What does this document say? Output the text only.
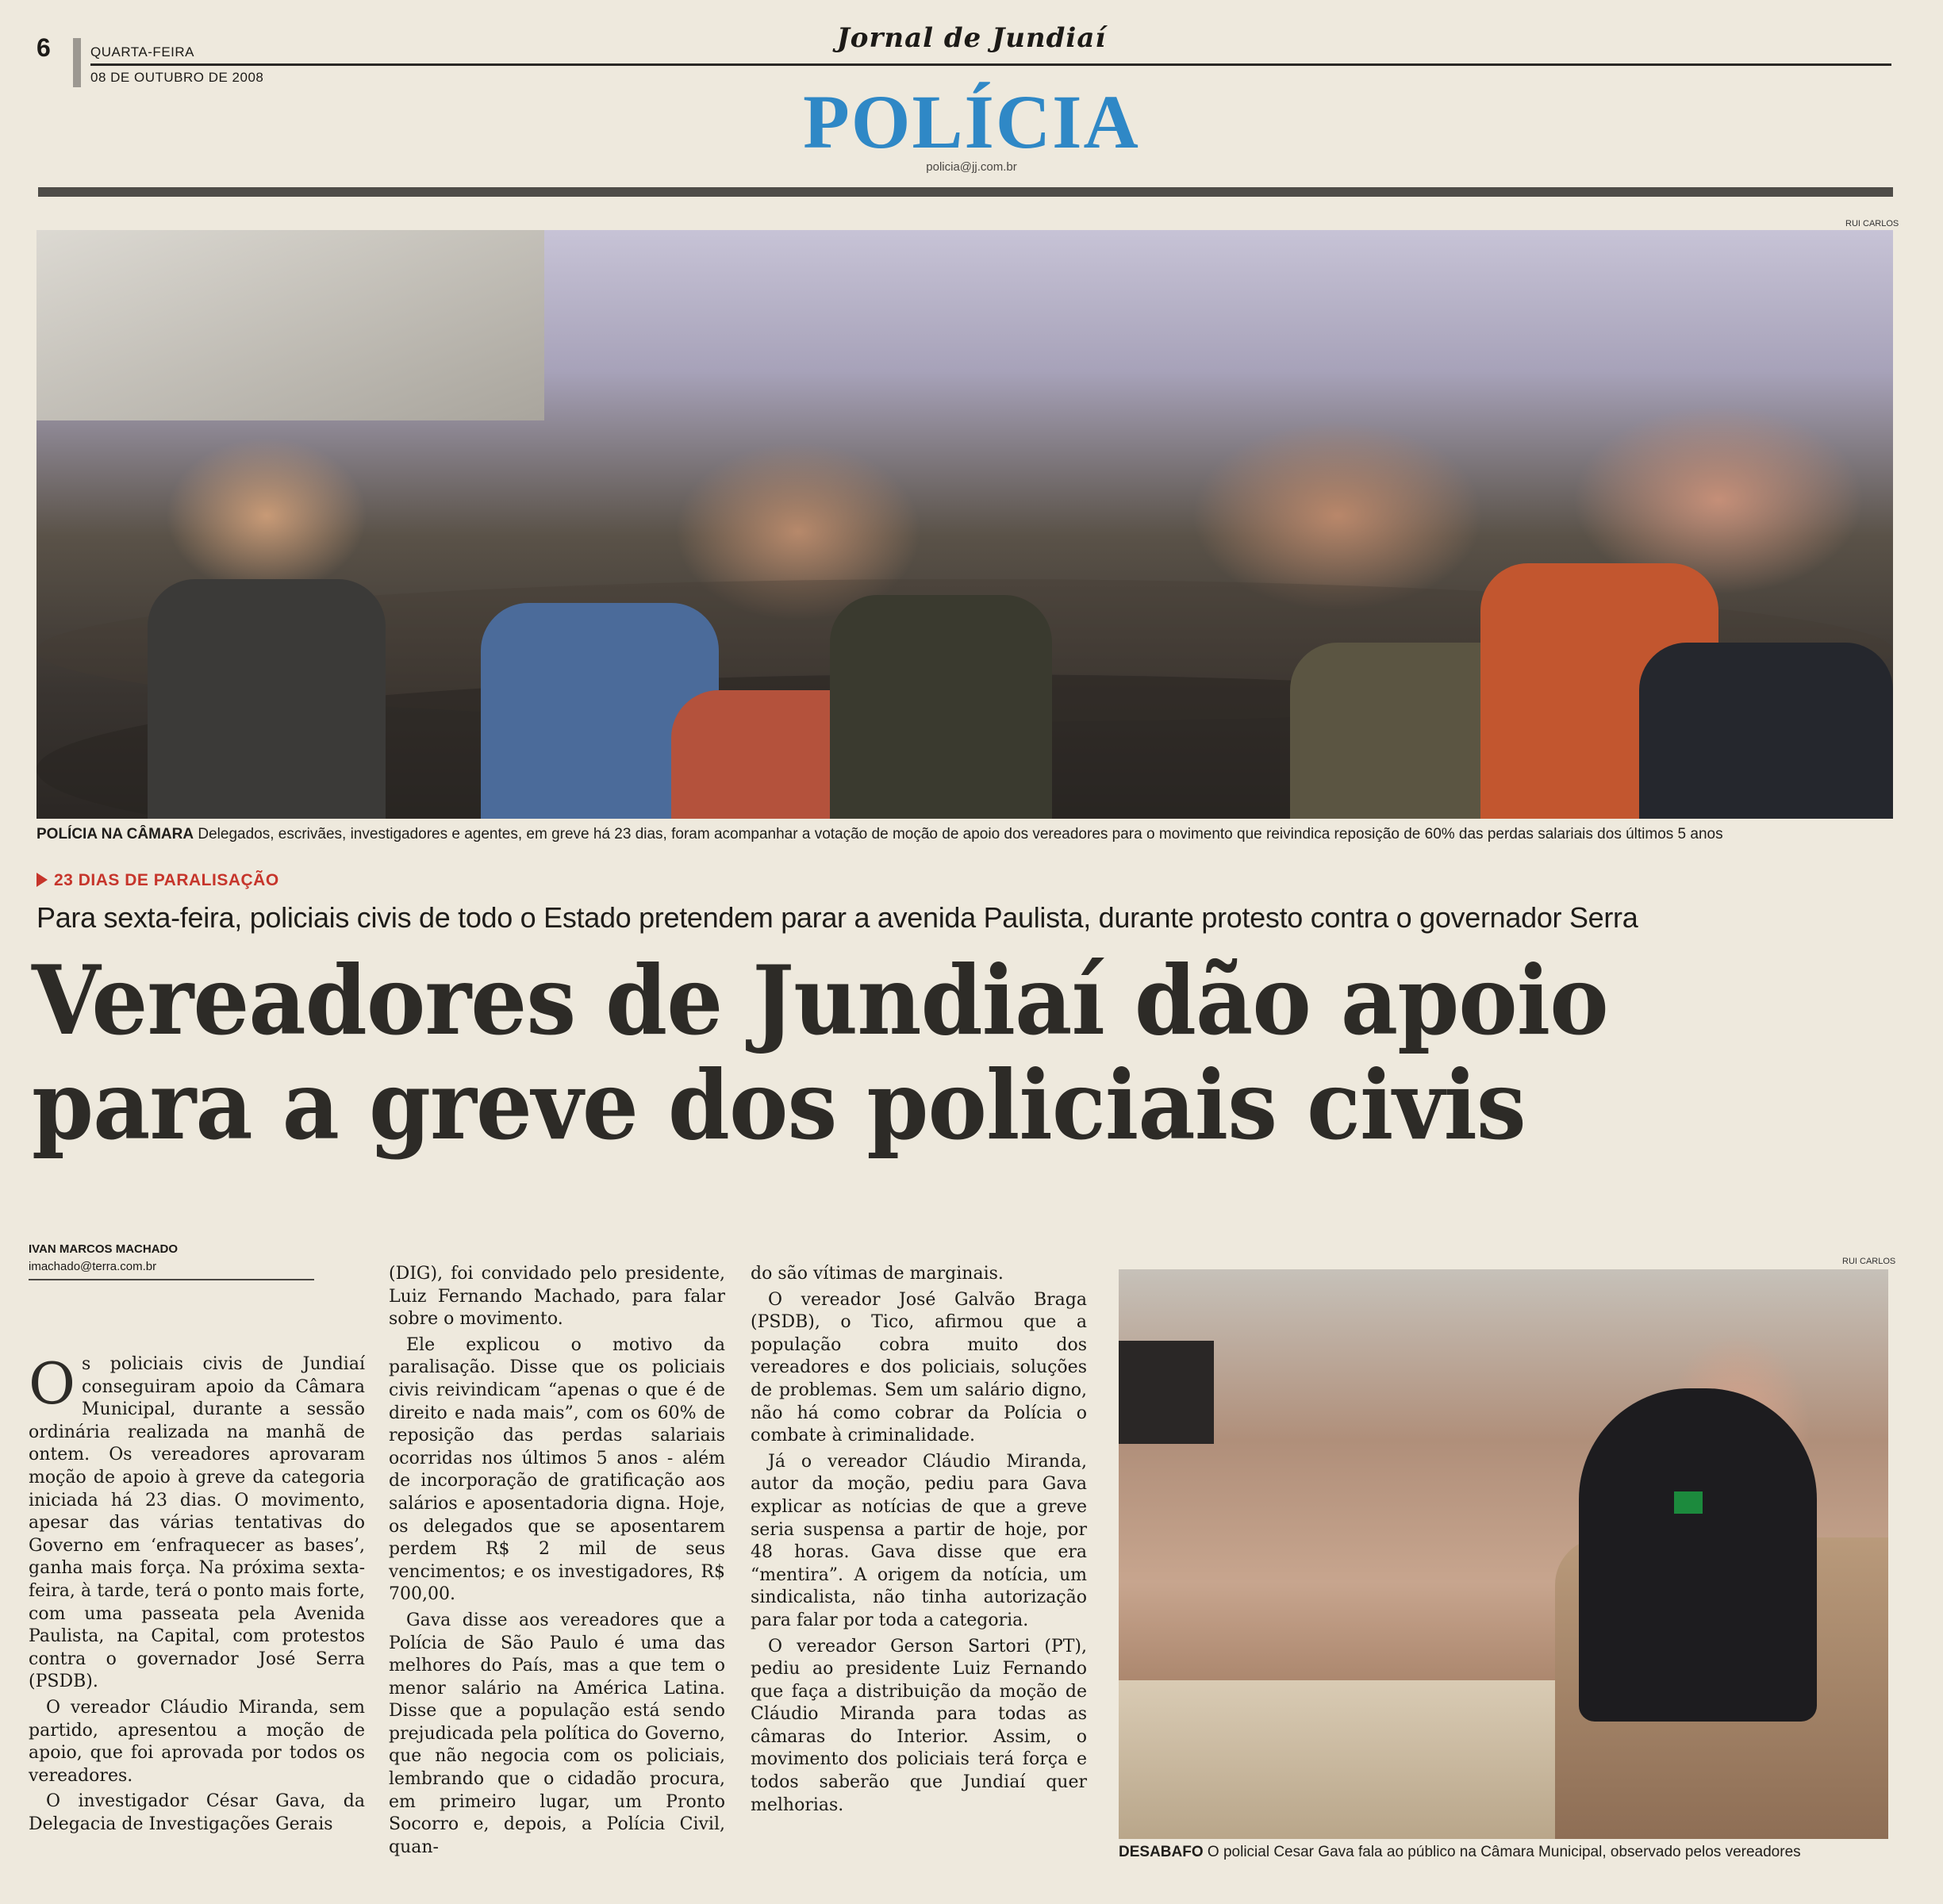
6	QUARTA-FEIRA
08 DE OUTUBRO DE 2008
Jornal de Jundiaí
POLÍCIA
policia@jj.com.br
RUI CARLOS
POLÍCIA NA CÂMARA Delegados, escrivães, investigadores e agentes, em greve há 23 dias, foram acompanhar a votação de moção de apoio dos vereadores para o movimento que reivindica reposição de 60% das perdas salariais dos últimos 5 anos
23 DIAS DE PARALISAÇÃO
Para sexta-feira, policiais civis de todo o Estado pretendem parar a avenida Paulista, durante protesto contra o governador Serra
Vereadores de Jundiaí dão apoio
para a greve dos policiais civis
IVAN MARCOS MACHADO
imachado@terra.com.br

Os policiais civis de Jundiaí conseguiram apoio da Câmara Municipal, durante a sessão ordinária realizada na manhã de ontem. Os vereadores aprovaram moção de apoio à greve da categoria iniciada há 23 dias. O movimento, apesar das várias tentativas do Governo em ‘enfraquecer as bases’, ganha mais força. Na próxima sexta-feira, à tarde, terá o ponto mais forte, com uma passeata pela Avenida Paulista, na Capital, com protestos contra o governador José Serra (PSDB).

O vereador Cláudio Miranda, sem partido, apresentou a moção de apoio, que foi aprovada por todos os vereadores.

O investigador César Gava, da Delegacia de Investigações Gerais

(DIG), foi convidado pelo presidente, Luiz Fernando Machado, para falar sobre o movimento.

Ele explicou o motivo da paralisação. Disse que os policiais civis reivindicam “apenas o que é de direito e nada mais”, com os 60% de reposição das perdas salariais ocorridas nos últimos 5 anos - além de incorporação de gratificação aos salários e aposentadoria digna. Hoje, os delegados que se aposentarem perdem R$ 2 mil de seus vencimentos; e os investigadores, R$ 700,00.

Gava disse aos vereadores que a Polícia de São Paulo é uma das melhores do País, mas a que tem o menor salário na América Latina. Disse que a população está sendo prejudicada pela política do Governo, que não negocia com os policiais, lembrando que o cidadão procura, em primeiro lugar, um Pronto Socorro e, depois, a Polícia Civil, quan-

do são vítimas de marginais.

O vereador José Galvão Braga (PSDB), o Tico, afirmou que a população cobra muito dos vereadores e dos policiais, soluções de problemas. Sem um salário digno, não há como cobrar da Polícia o combate à criminalidade.

Já o vereador Cláudio Miranda, autor da moção, pediu para Gava explicar as notícias de que a greve seria suspensa a partir de hoje, por 48 horas. Gava disse que era “mentira”. A origem da notícia, um sindicalista, não tinha autorização para falar por toda a categoria.

O vereador Gerson Sartori (PT), pediu ao presidente Luiz Fernando que faça a distribuição da moção de Cláudio Miranda para todas as câmaras do Interior. Assim, o movimento dos policiais terá força e todos saberão que Jundiaí quer melhorias.

RUI CARLOS
DESABAFO O policial Cesar Gava fala ao público na Câmara Municipal, observado pelos vereadores
